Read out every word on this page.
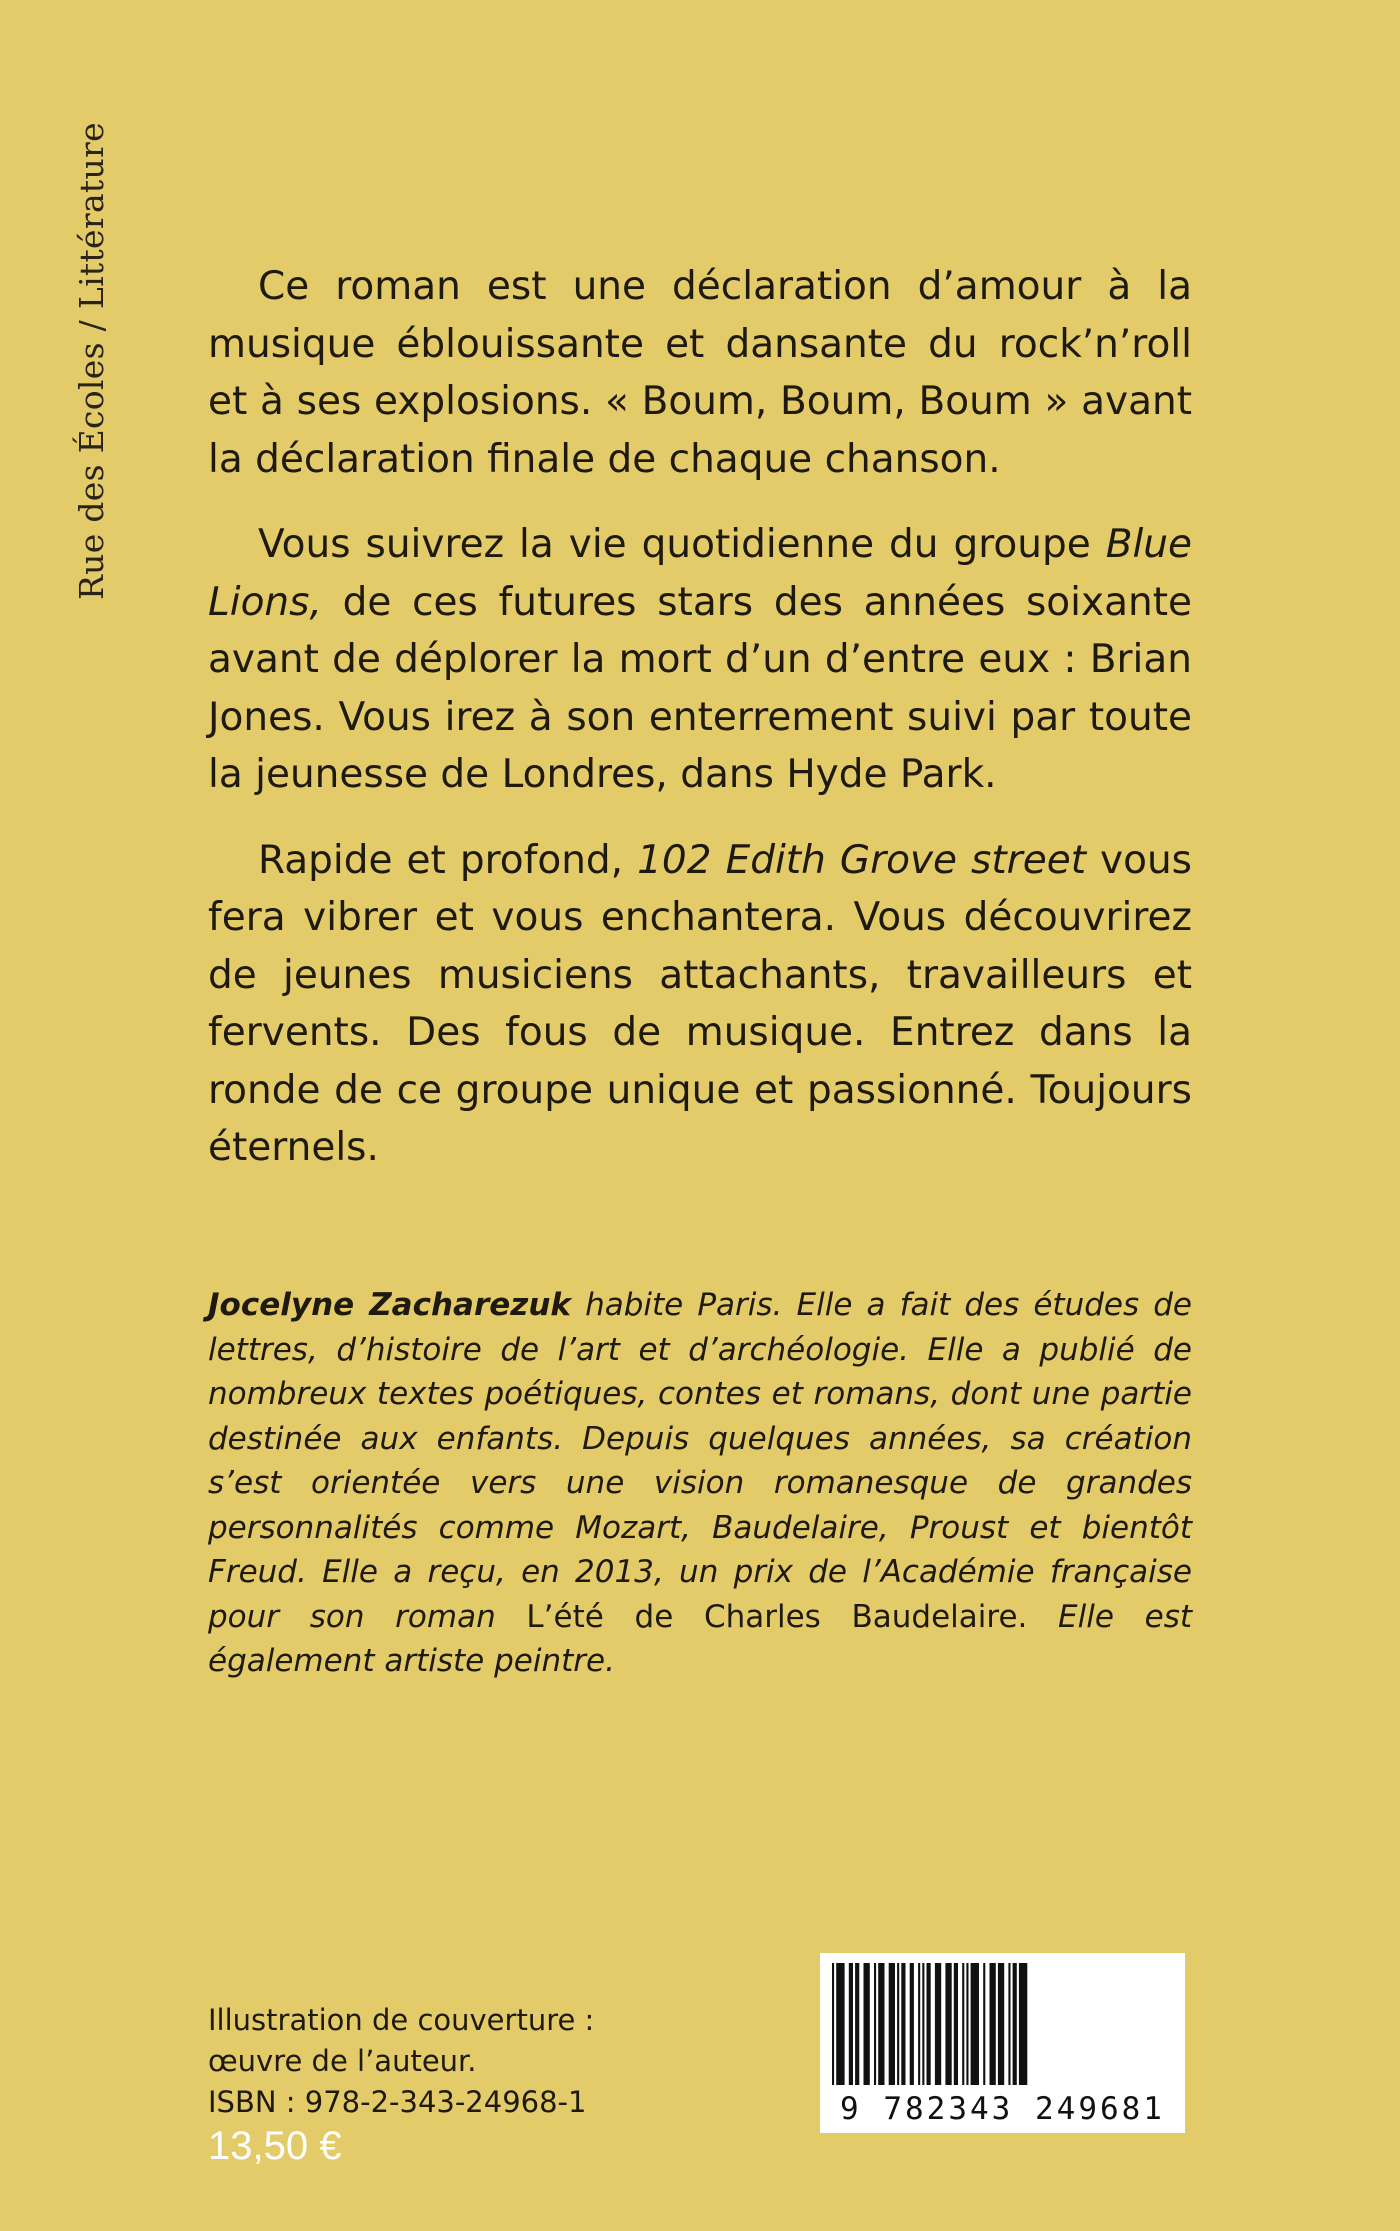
Rue des Écoles / Littérature	Ce roman est une déclaration d’amour à la musique éblouissante et dansante du rock’n’roll et à ses explosions. « Boum, Boum, Boum » avant la déclaration finale de chaque chanson.

Vous suivrez la vie quotidienne du groupe Blue Lions, de ces futures stars des années soixante avant de déplorer la mort d’un d’entre eux : Brian Jones. Vous irez à son enterrement suivi par toute la jeunesse de Londres, dans Hyde Park.

Rapide et profond, 102 Edith Grove street vous fera vibrer et vous enchantera. Vous découvrirez de jeunes musiciens attachants, travailleurs et fervents. Des fous de musique. Entrez dans la ronde de ce groupe unique et passionné. Toujours éternels.

Jocelyne Zacharezuk habite Paris. Elle a fait des études de lettres, d’histoire de l’art et d’archéologie. Elle a publié de nombreux textes poétiques, contes et romans, dont une partie destinée aux enfants. Depuis quelques années, sa création s’est orientée vers une vision romanesque de grandes personnalités comme Mozart, Baudelaire, Proust et bientôt Freud. Elle a reçu, en 2013, un prix de l’Académie française pour son roman L’été de Charles Baudelaire. Elle est également artiste peintre.
Illustration de couverture :
œuvre de l’auteur.
ISBN : 978-2-343-24968-1
13,50 €
9 782343 249681
